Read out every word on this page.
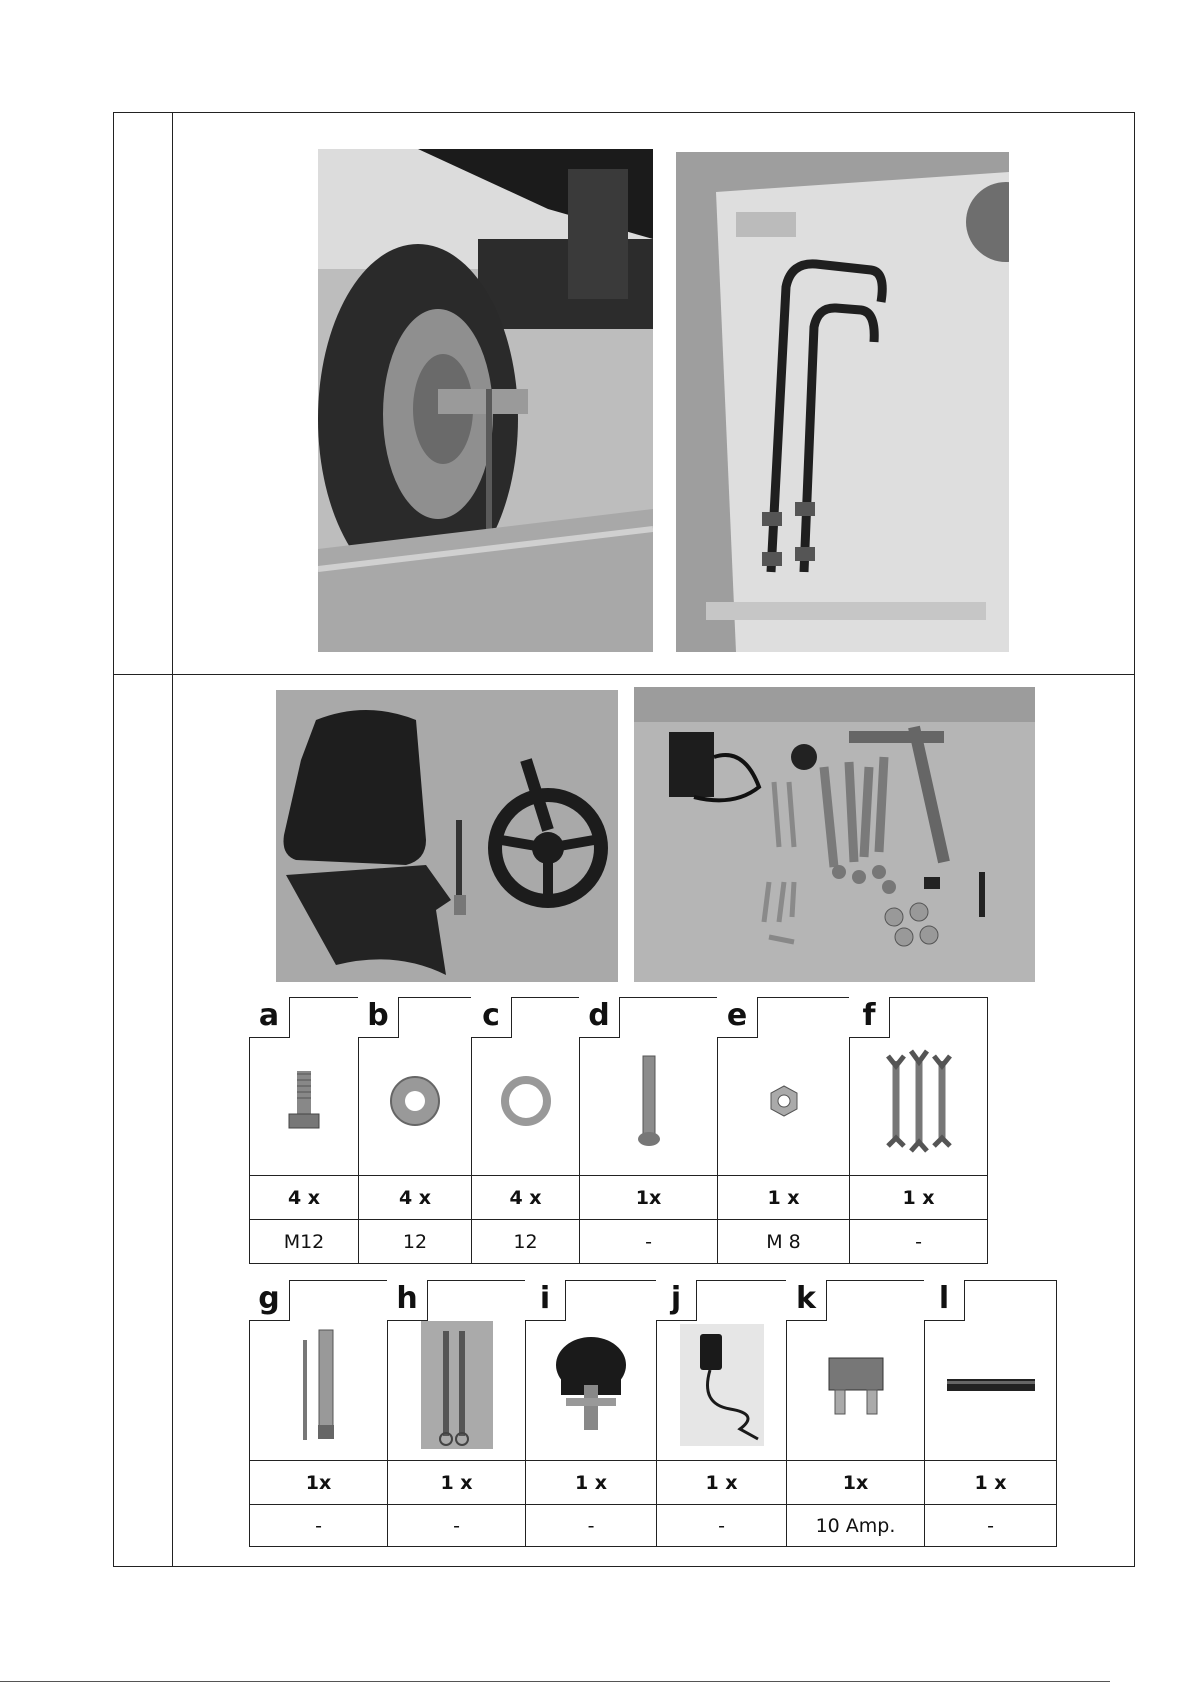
a	b	c	d	e	f

4 x	4 x	4 x	1x	1 x	1 x
M12	12	12	-	M 8	-
g	h	i	j	k	l

1x	1 x	1 x	1 x	1x	1 x
-	-	-	-	10 Amp.	-
